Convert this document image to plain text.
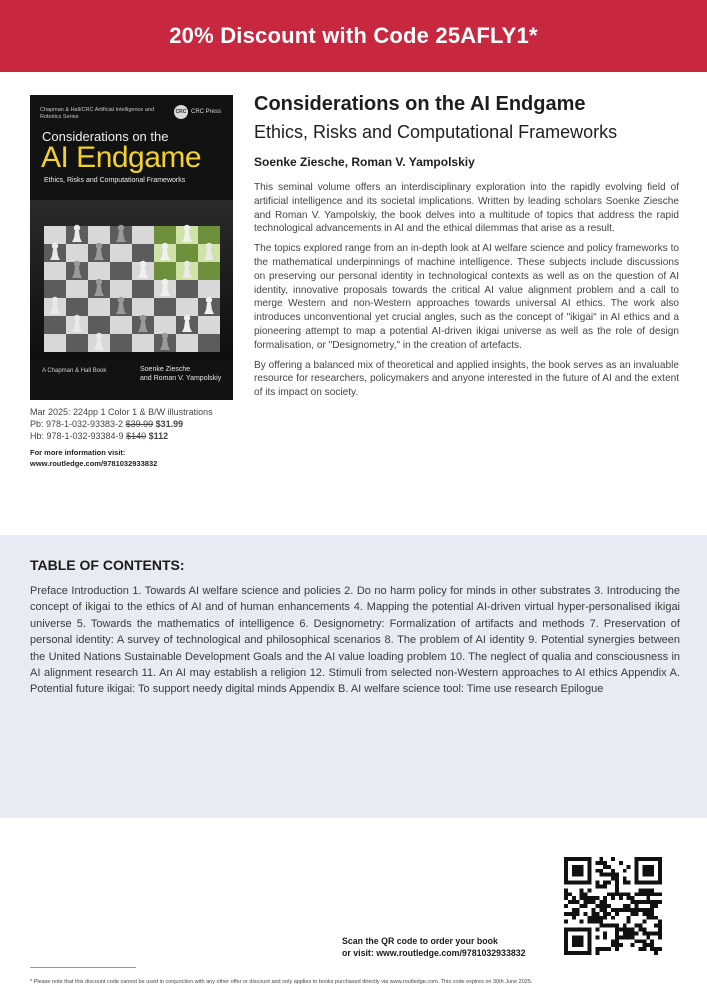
20% Discount with Code 25AFLY1*
Chapman & Hall/CRC Artificial Intelligence and Robotics Series
CRC CRC Press
Considerations on the
AI Endgame
Ethics, Risks and Computational Frameworks
A Chapman & Hall Book	Soenke Ziesche
and Roman V. Yampolskiy
Mar 2025: 224pp 1 Color 1 & B/W illustrations
Pb: 978-1-032-93383-2 $39.99 $31.99
Hb: 978-1-032-93384-9 $140 $112
For more information visit:
www.routledge.com/9781032933832
Considerations on the AI Endgame
Ethics, Risks and Computational Frameworks
Soenke Ziesche, Roman V. Yampolskiy

This seminal volume offers an interdisciplinary exploration into the rapidly evolving field of artificial intelligence and its societal implications. Written by leading scholars Soenke Ziesche and Roman V. Yampolskiy, the book delves into a multitude of topics that address the rapid technological advancements in AI and the ethical dilemmas that arise as a result.

The topics explored range from an in-depth look at AI welfare science and policy frameworks to the mathematical underpinnings of machine intelligence. These subjects include discussions on preserving our personal identity in technological contexts as well as on the question of AI identity, innovative proposals towards the critical AI value alignment problem and a call to merge Western and non-Western approaches towards universal AI ethics. The work also introduces unconventional yet crucial angles, such as the concept of "ikigai" in AI ethics and a pioneering attempt to map a potential AI-driven ikigai universe as well as the role of design formalisation, or "Designometry," in the creation of artefacts.

By offering a balanced mix of theoretical and applied insights, the book serves as an invaluable resource for researchers, policymakers and anyone interested in the future of AI and the extent of its impact on society.

TABLE OF CONTENTS:
Preface Introduction 1. Towards AI welfare science and policies 2. Do no harm policy for minds in other substrates 3. Introducing the concept of ikigai to the ethics of AI and of human enhancements 4. Mapping the potential AI-driven virtual hyper-personalised ikigai universe 5. Towards the mathematics of intelligence 6. Designometry: Formalization of artifacts and methods 7. Preservation of personal identity: A survey of technological and philosophical scenarios 8. The problem of AI identity 9. Potential synergies between the United Nations Sustainable Development Goals and the AI value loading problem 10. The neglect of qualia and consciousness in AI alignment research 11. An AI may establish a religion 12. Stimuli from selected non-Western approaches to AI ethics Appendix A. Potential future ikigai: To support needy digital minds Appendix B. AI welfare science tool: Time use research Epilogue
Scan the QR code to order your book
or visit: www.routledge.com/9781032933832
* Please note that this discount code cannot be used in conjunction with any other offer or discount and only applies to books purchased directly via www.routledge.com. This code expires on 30th June 2025.
